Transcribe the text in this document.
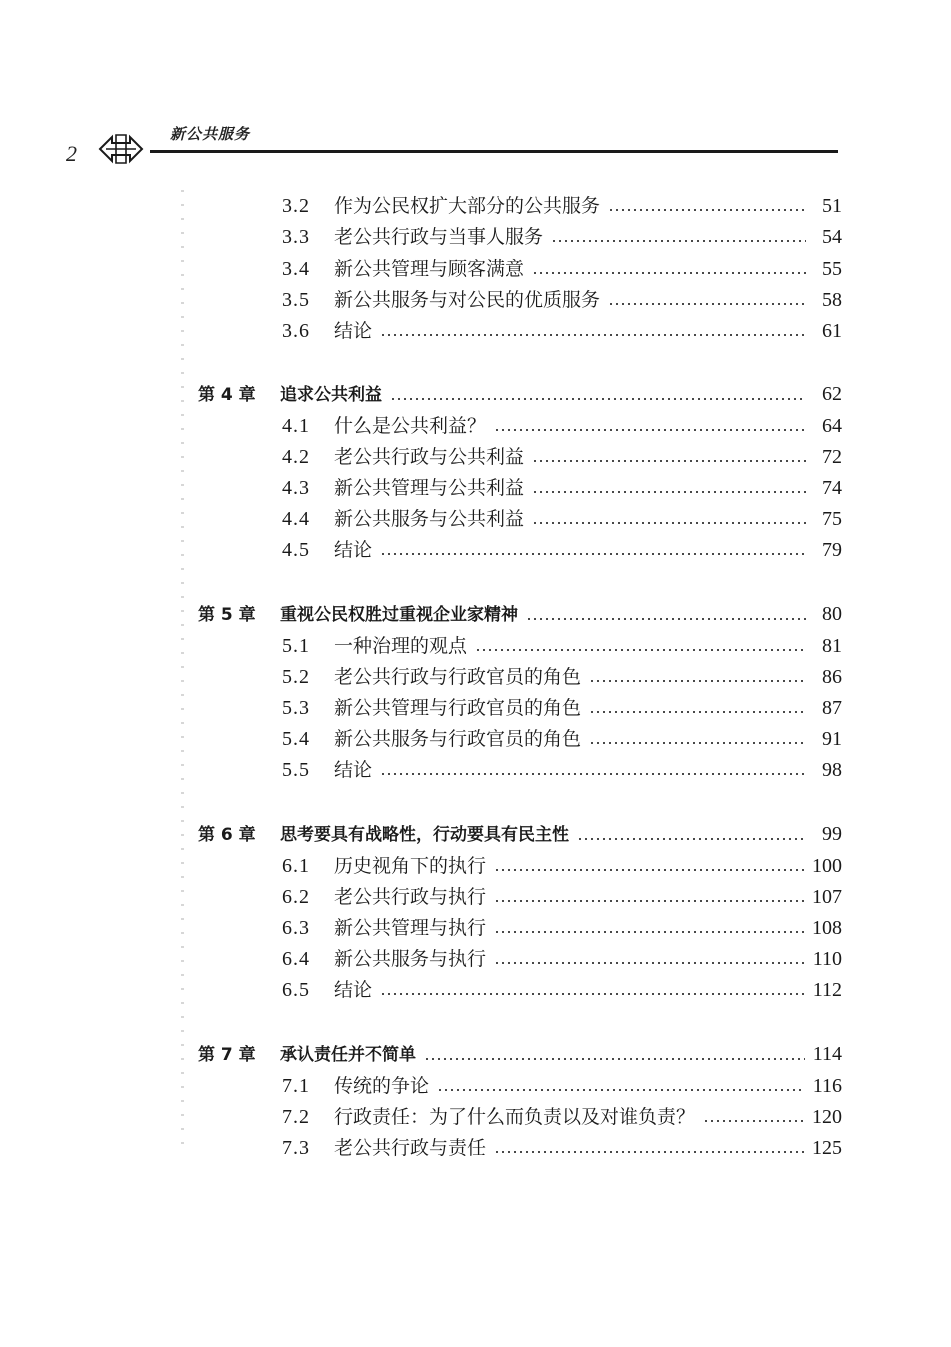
2
新公共服务
3.2	作为公民权扩大部分的公共服务	51
3.3	老公共行政与当事人服务	54
3.4	新公共管理与顾客满意	55
3.5	新公共服务与对公民的优质服务	58
3.6	结论	61
第 4 章	追求公共利益	62
4.1	什么是公共利益？	64
4.2	老公共行政与公共利益	72
4.3	新公共管理与公共利益	74
4.4	新公共服务与公共利益	75
4.5	结论	79
第 5 章	重视公民权胜过重视企业家精神	80
5.1	一种治理的观点	81
5.2	老公共行政与行政官员的角色	86
5.3	新公共管理与行政官员的角色	87
5.4	新公共服务与行政官员的角色	91
5.5	结论	98
第 6 章	思考要具有战略性，行动要具有民主性	99
6.1	历史视角下的执行	100
6.2	老公共行政与执行	107
6.3	新公共管理与执行	108
6.4	新公共服务与执行	110
6.5	结论	112
第 7 章	承认责任并不简单	114
7.1	传统的争论	116
7.2	行政责任：为了什么而负责以及对谁负责？	120
7.3	老公共行政与责任	125
